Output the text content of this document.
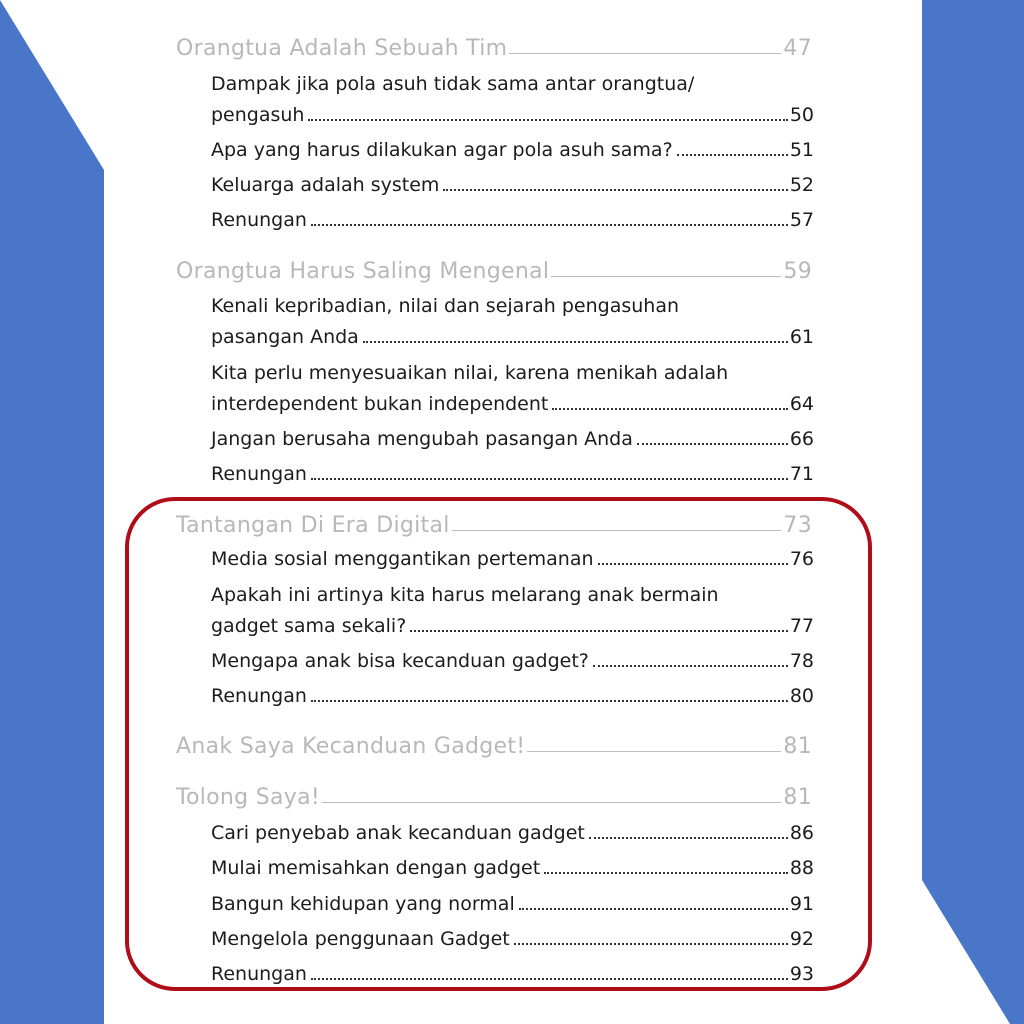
Orangtua Adalah Sebuah Tim	47
Dampak jika pola asuh tidak sama antar orangtua/
pengasuh	50
Apa yang harus dilakukan agar pola asuh sama?	51
Keluarga adalah system	52
Renungan	57
Orangtua Harus Saling Mengenal	59
Kenali kepribadian, nilai dan sejarah pengasuhan
pasangan Anda	61
Kita perlu menyesuaikan nilai, karena menikah adalah
interdependent bukan independent	64
Jangan berusaha mengubah pasangan Anda	66
Renungan	71
Tantangan Di Era Digital	73
Media sosial menggantikan pertemanan	76
Apakah ini artinya kita harus melarang anak bermain
gadget sama sekali?	77
Mengapa anak bisa kecanduan gadget?	78
Renungan	80
Anak Saya Kecanduan Gadget!	81
Tolong Saya!	81
Cari penyebab anak kecanduan gadget	86
Mulai memisahkan dengan gadget	88
Bangun kehidupan yang normal	91
Mengelola penggunaan Gadget	92
Renungan	93
